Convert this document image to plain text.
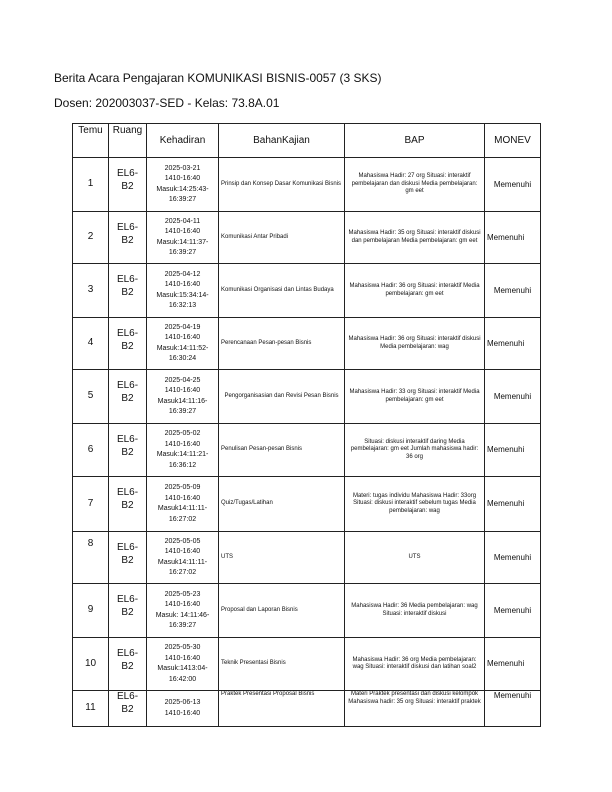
Berita Acara Pengajaran KOMUNIKASI BISNIS-0057 (3 SKS)
Dosen: 202003037-SED - Kelas: 73.8A.01
Temu	Ruang	Kehadiran	BahanKajian	BAP	MONEV
1	EL6- B2	2025-03-21
1410-16:40
Masuk:14:25:43-
16:39:27	Prinsip dan Konsep Dasar Komunikasi Bisnis	Mahasiswa Hadir: 27 org Situasi: interaktif pembelajaran dan diskusi Media pembelajaran: gm eet	Memenuhi
2	EL6- B2	2025-04-11
1410-16:40
Masuk:14:11:37-
16:39:27	Komunikasi Antar Pribadi	Mahasiswa Hadir: 35 org Situasi: interaktif diskusi dan pembelajaran Media pembelajaran: gm eet	Memenuhi
3	EL6- B2	2025-04-12
1410-16:40
Masuk:15:34:14-
16:32:13	Komunikasi Organisasi dan Lintas Budaya	Mahasiswa Hadir: 36 org Situasi: interaktif Media pembelajaran: gm eet	Memenuhi
4	EL6- B2	2025-04-19
1410-16:40
Masuk:14:11:52-
16:30:24	Perencanaan Pesan-pesan Bisnis	Mahasiswa Hadir: 36 org Situasi: interaktif diskusi Media pembelajaran: wag	Memenuhi
5	EL6- B2	2025-04-25
1410-16:40
Masuk14:11:16-
16:39:27	Pengorganisasian dan Revisi Pesan Bisnis	Mahasiswa Hadir: 33 org Situasi: interaktif Media pembelajaran: gm eet	Memenuhi
6	EL6- B2	2025-05-02
1410-16:40
Masuk:14:11:21-
16:36:12	Penulisan Pesan-pesan Bisnis	Situasi: diskusi interaktif daring Media pembelajaran: gm eet Jumlah mahasiswa hadir: 36 org	Memenuhi
7	EL6- B2	2025-05-09
1410-16:40
Masuk14:11:11-
16:27:02	Quiz/Tugas/Latihan	Materi: tugas individu Mahasiswa Hadir: 33org Situasi: diskusi interaktif sebelum tugas Media pembelajaran: wag	Memenuhi
8	EL6- B2	2025-05-05
1410-16:40
Masuk14:11:11-
16:27:02	UTS	UTS	Memenuhi
9	EL6- B2	2025-05-23
1410-16:40
Masuk: 14:11:46-
16:39:27	Proposal dan Laporan Bisnis	Mahasiswa Hadir: 36 Media pembelajaran: wag Situasi: interaktif diskusi	Memenuhi
10	EL6- B2	2025-05-30
1410-16:40
Masuk:1413:04-
16:42:00	Teknik Presentasi Bisnis	Mahasiswa Hadir: 36 org Media pembelajaran: wag Situasi: interaktif diskusi dan latihan soal2	Memenuhi
11	EL6- B2	2025-06-13
1410-16:40	Praktek Presentasi Proposal Bisnis	Materi Praktek presentasi dan diskusi kelompok Mahasiswa hadir: 35 org Situasi: interaktif praktek	Memenuhi
